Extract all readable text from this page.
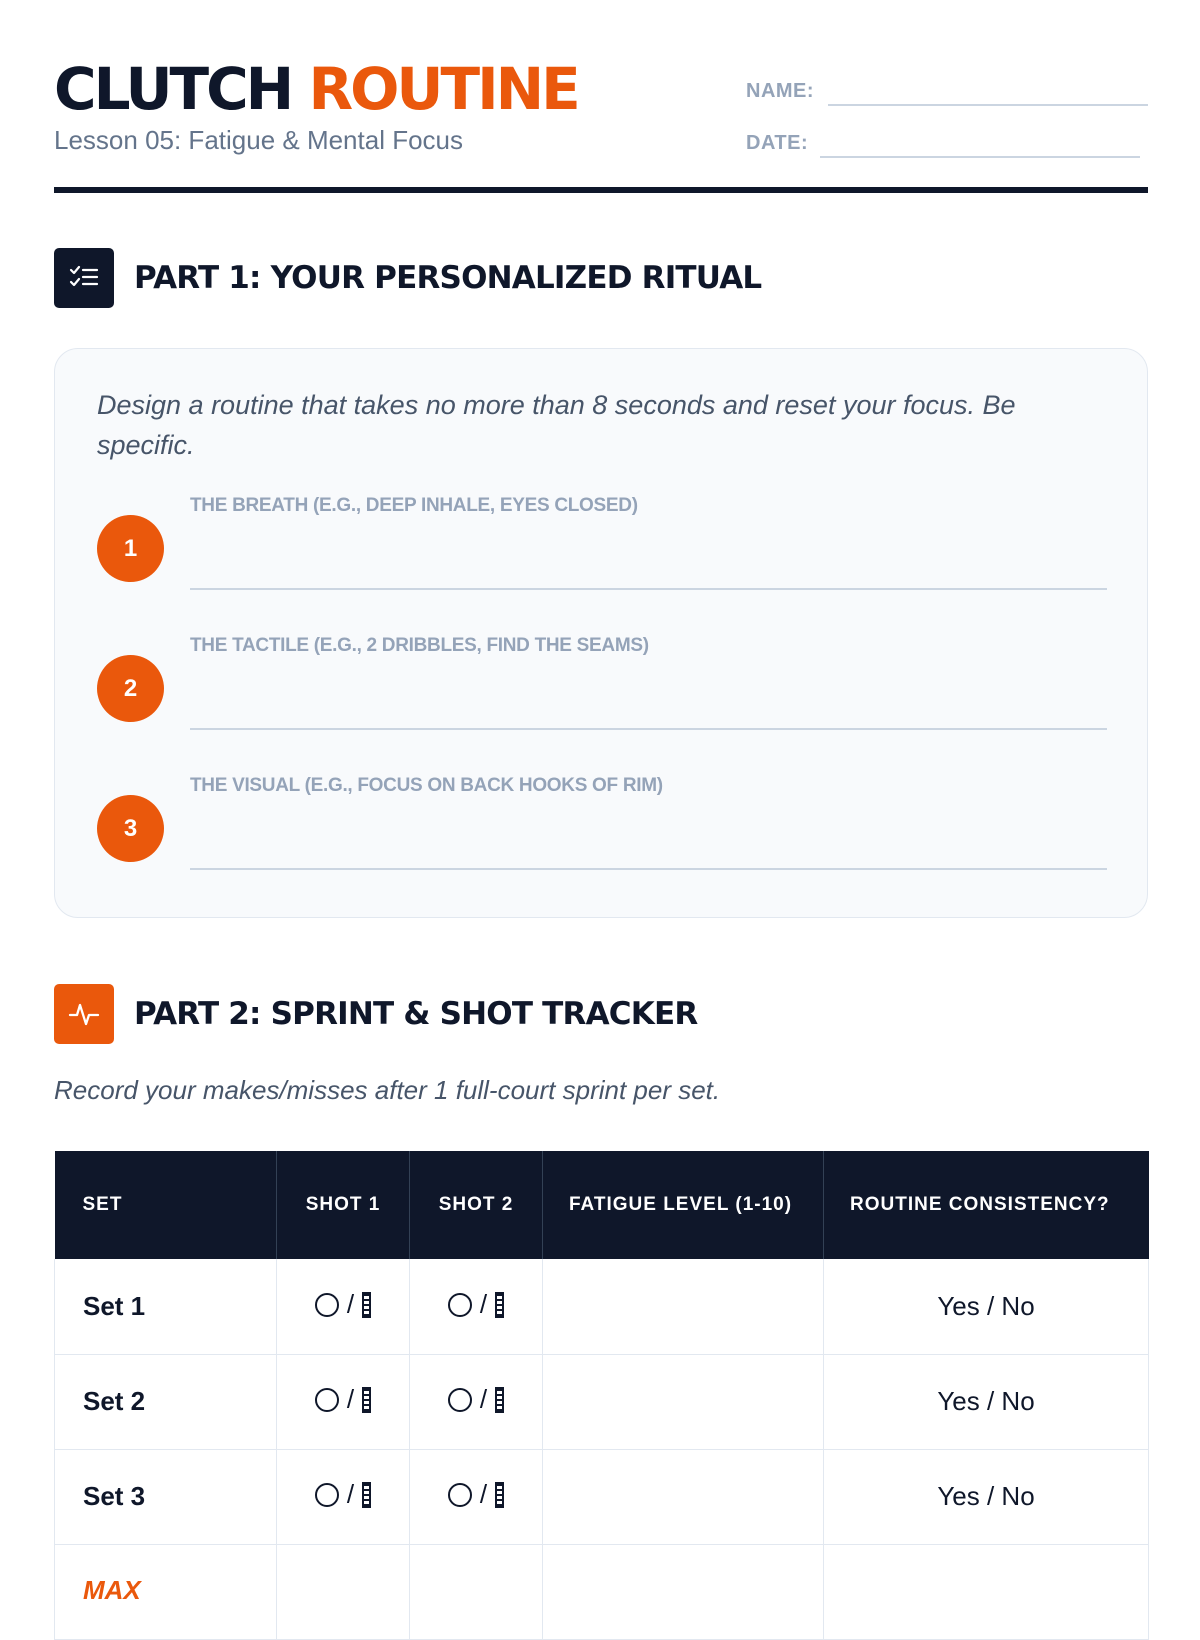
CLUTCH ROUTINE
Lesson 05: Fatigue & Mental Focus
NAME:
DATE:
PART 1: YOUR PERSONALIZED RITUAL
Design a routine that takes no more than 8 seconds and reset your focus. Be specific.
1
THE BREATH (E.G., DEEP INHALE, EYES CLOSED)
2
THE TACTILE (E.G., 2 DRIBBLES, FIND THE SEAMS)
3
THE VISUAL (E.G., FOCUS ON BACK HOOKS OF RIM)
PART 2: SPRINT & SHOT TRACKER
Record your makes/misses after 1 full-court sprint per set.
SET	SHOT 1	SHOT 2	FATIGUE LEVEL (1-10)	ROUTINE CONSISTENCY?
Set 1	/	/		Yes / No
Set 2	/	/		Yes / No
Set 3	/	/		Yes / No
MAX				
